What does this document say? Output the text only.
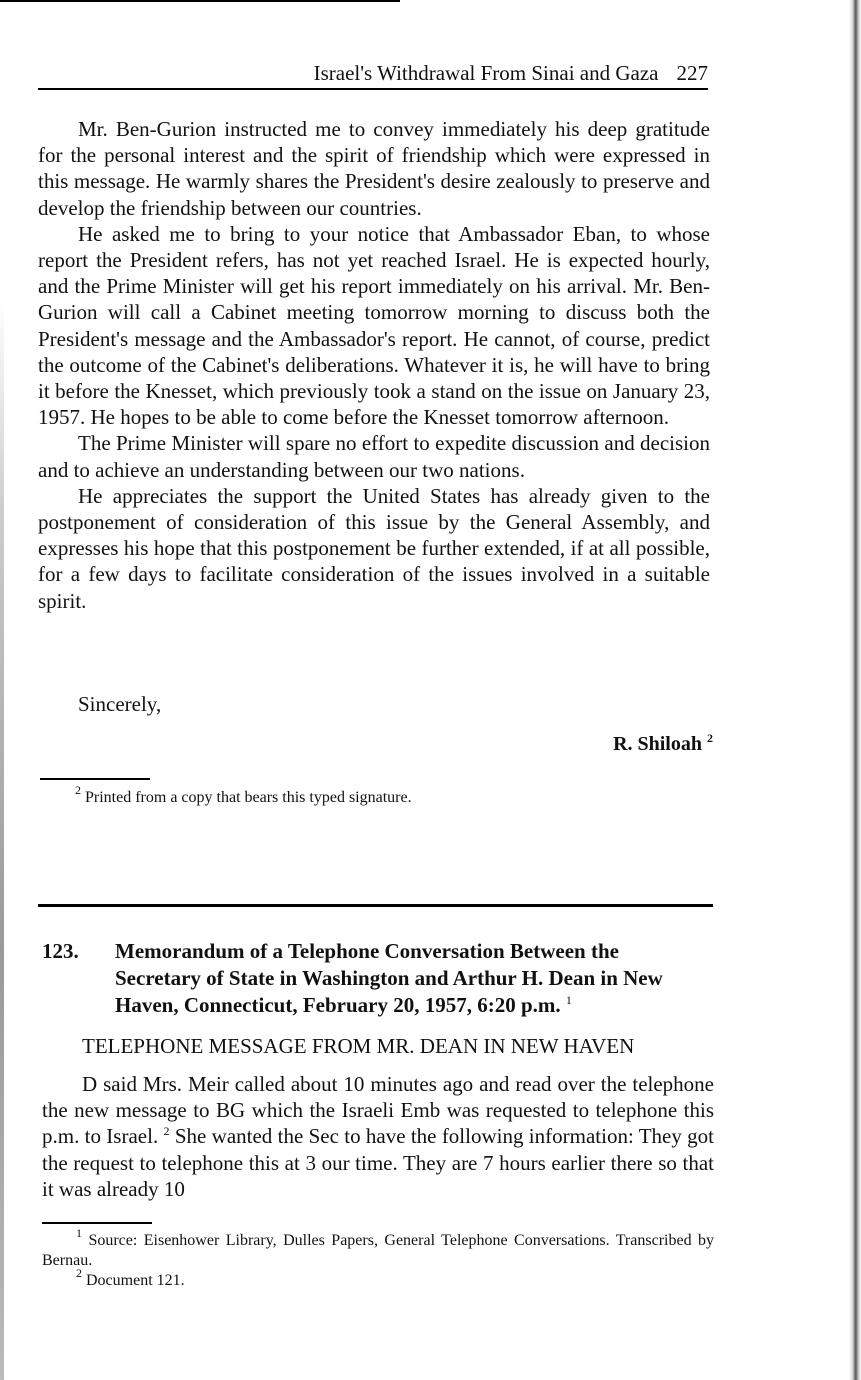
Israel's Withdrawal From Sinai and Gaza 227

Mr. Ben-Gurion instructed me to convey immediately his deep gratitude for the personal interest and the spirit of friendship which were expressed in this message. He warmly shares the President's desire zealously to preserve and develop the friendship between our countries.

He asked me to bring to your notice that Ambassador Eban, to whose report the President refers, has not yet reached Israel. He is expected hourly, and the Prime Minister will get his report immediately on his arrival. Mr. Ben-Gurion will call a Cabinet meeting tomorrow morning to discuss both the President's message and the Ambassador's report. He cannot, of course, predict the outcome of the Cabinet's deliberations. Whatever it is, he will have to bring it before the Knesset, which previously took a stand on the issue on January 23, 1957. He hopes to be able to come before the Knesset tomorrow afternoon.

The Prime Minister will spare no effort to expedite discussion and decision and to achieve an understanding between our two nations.

He appreciates the support the United States has already given to the postponement of consideration of this issue by the General Assembly, and expresses his hope that this postponement be further extended, if at all possible, for a few days to facilitate consideration of the issues involved in a suitable spirit.

Sincerely,
R. Shiloah $^2$
$^2$ Printed from a copy that bears this typed signature.
123. Memorandum of a Telephone Conversation Between the Secretary of State in Washington and Arthur H. Dean in New Haven, Connecticut, February 20, 1957, 6:20 p.m. $^1$
TELEPHONE MESSAGE FROM MR. DEAN IN NEW HAVEN

D said Mrs. Meir called about 10 minutes ago and read over the telephone the new message to BG which the Israeli Emb was requested to telephone this p.m. to Israel. $^2$ She wanted the Sec to have the following information: They got the request to telephone this at 3 our time. They are 7 hours earlier there so that it was already 10

$^1$ Source: Eisenhower Library, Dulles Papers, General Telephone Conversations. Transcribed by Bernau.

$^2$ Document 121.
